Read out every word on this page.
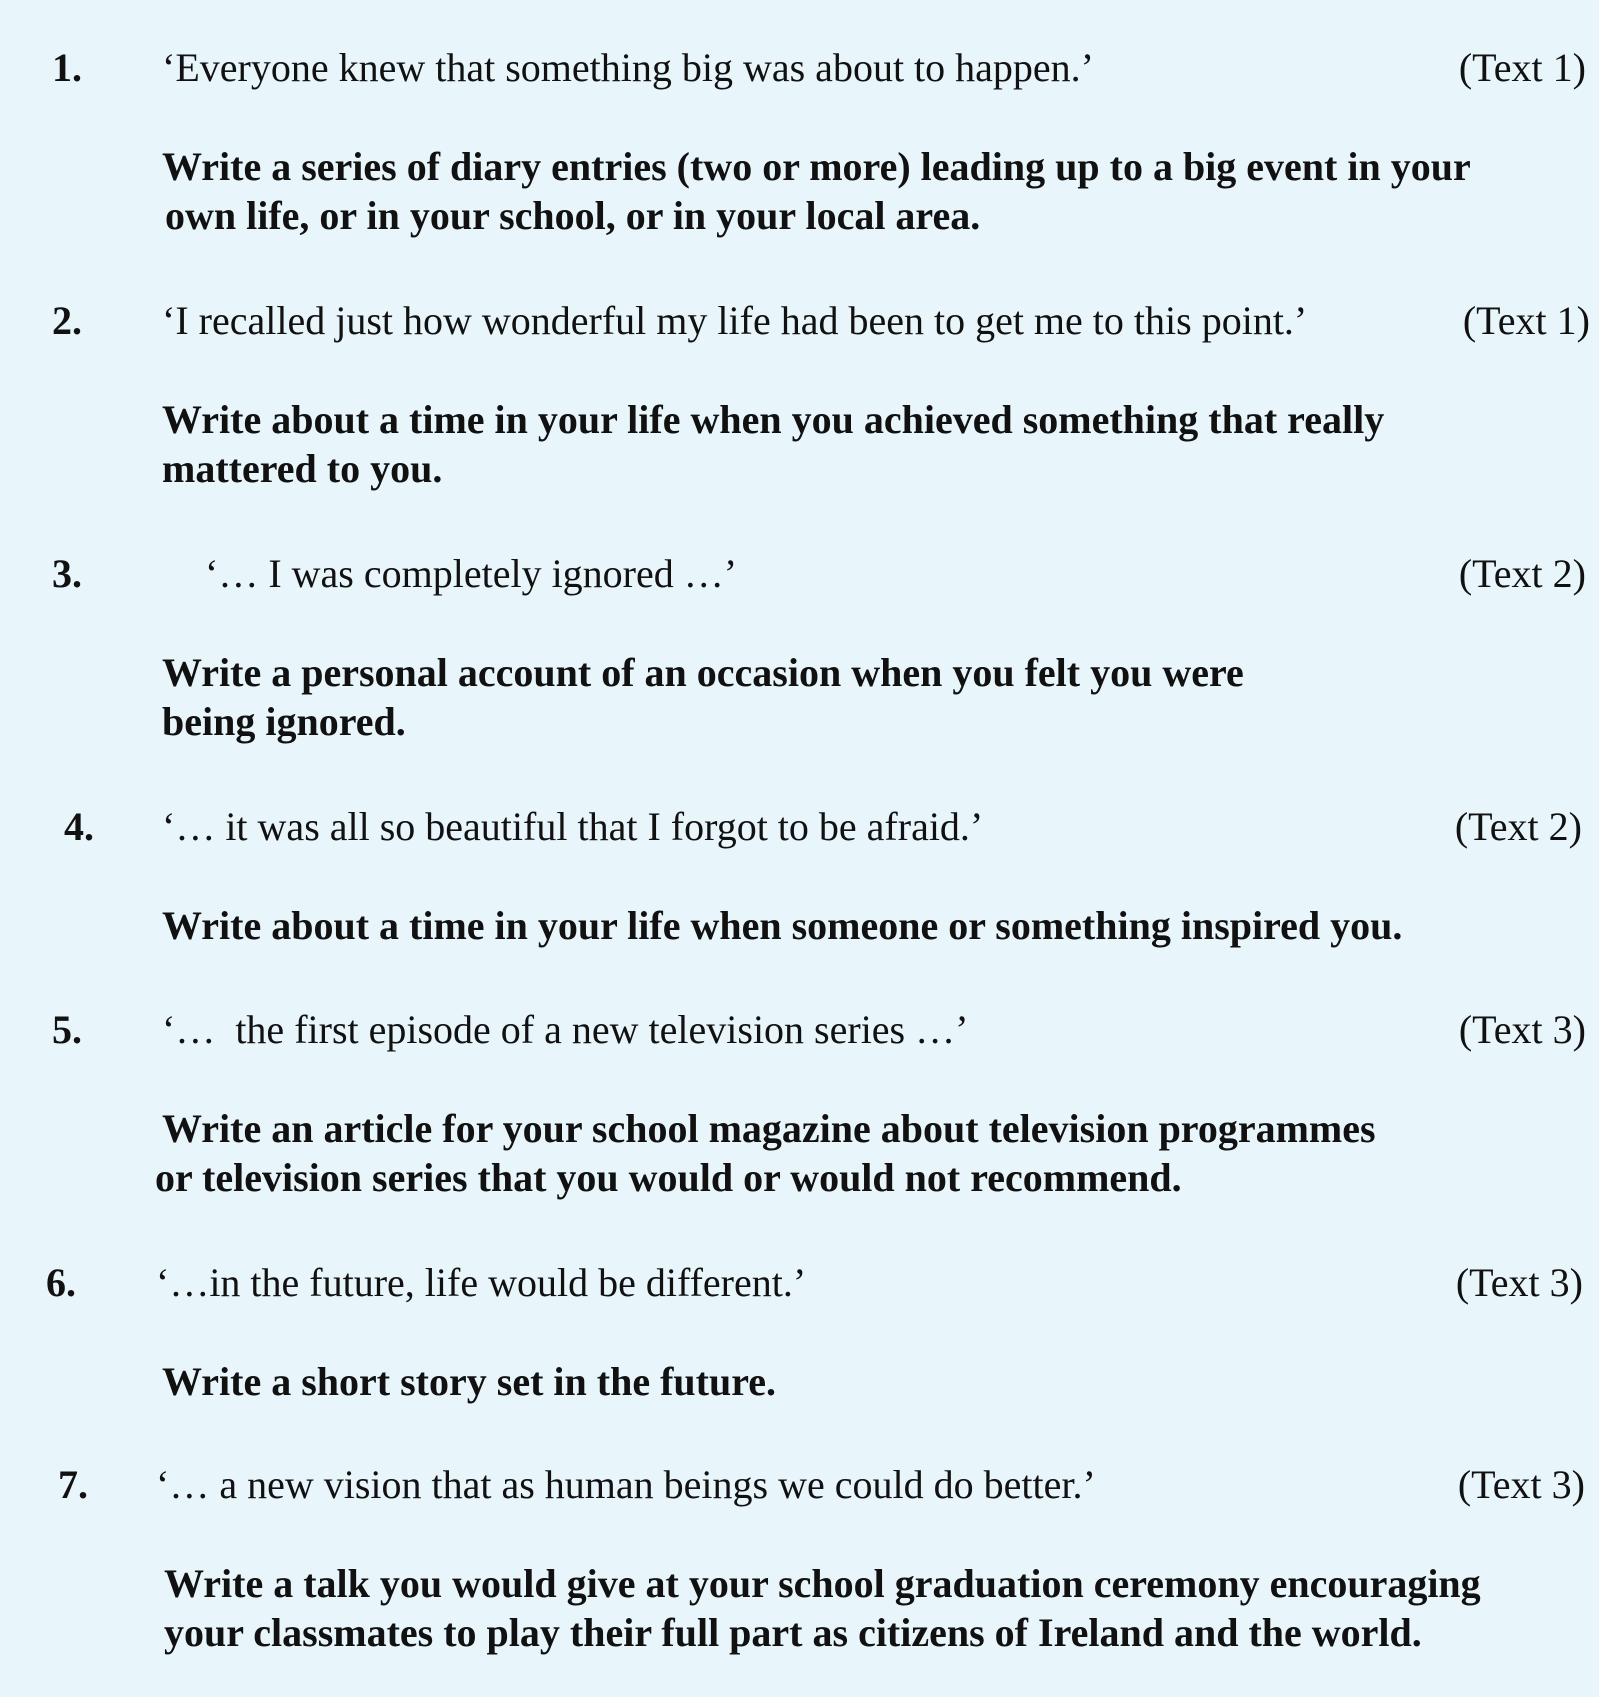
1. ‘Everyone knew that something big was about to happen.’	(Text 1)
Write a series of diary entries (two or more) leading up to a big event in your
own life, or in your school, or in your local area.
2. ‘I recalled just how wonderful my life had been to get me to this point.’	(Text 1)
Write about a time in your life when you achieved something that really
mattered to you.
3.	‘… I was completely ignored …’	(Text 2)
Write a personal account of an occasion when you felt you were
being ignored.
4. ‘… it was all so beautiful that I forgot to be afraid.’	(Text 2)
Write about a time in your life when someone or something inspired you.
5. ‘…  the first episode of a new television series …’	(Text 3)
Write an article for your school magazine about television programmes
or television series that you would or would not recommend.
6. ‘…in the future, life would be different.’	(Text 3)
Write a short story set in the future.
7. ‘… a new vision that as human beings we could do better.’	(Text 3)
Write a talk you would give at your school graduation ceremony encouraging
your classmates to play their full part as citizens of Ireland and the world.
